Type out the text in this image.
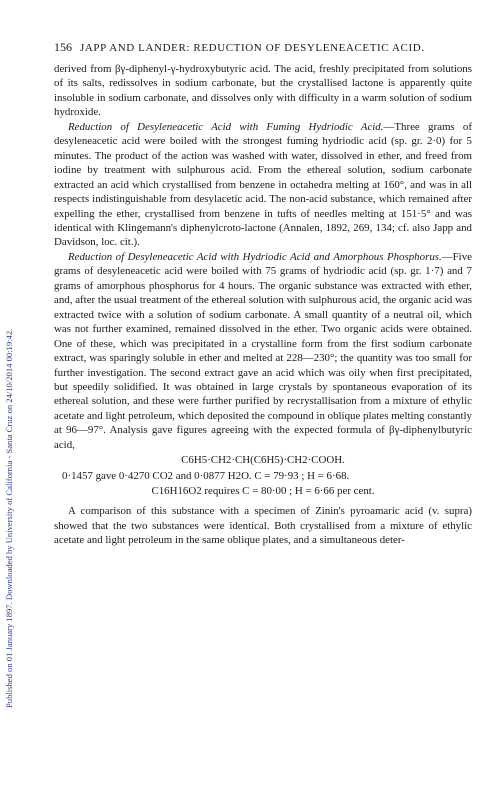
Published on 01 January 1897. Downloaded by University of California - Santa Cruz on 24/10/2014 00:19:42.
156 JAPP AND LANDER: REDUCTION OF DESYLENEACETIC ACID.

derived from βγ-diphenyl-γ-hydroxybutyric acid. The acid, freshly precipitated from solutions of its salts, redissolves in sodium carbonate, but the crystallised lactone is apparently quite insoluble in sodium carbonate, and dissolves only with difficulty in a warm solution of sodium hydroxide.

Reduction of Desyleneacetic Acid with Fuming Hydriodic Acid.—Three grams of desyleneacetic acid were boiled with the strongest fuming hydriodic acid (sp. gr. 2·0) for 5 minutes. The product of the action was washed with water, dissolved in ether, and freed from iodine by treatment with sulphurous acid. From the ethereal solution, sodium carbonate extracted an acid which crystallised from benzene in octahedra melting at 160°, and was in all respects indistinguishable from desylacetic acid. The non-acid substance, which remained after expelling the ether, crystallised from benzene in tufts of needles melting at 151·5° and was identical with Klingemann's diphenylcroto-lactone (Annalen, 1892, 269, 134; cf. also Japp and Davidson, loc. cit.).

Reduction of Desyleneacetic Acid with Hydriodic Acid and Amorphous Phosphorus.—Five grams of desyleneacetic acid were boiled with 75 grams of hydriodic acid (sp. gr. 1·7) and 7 grams of amorphous phosphorus for 4 hours. The organic substance was extracted with ether, and, after the usual treatment of the ethereal solution with sulphurous acid, the organic acid was extracted twice with a solution of sodium carbonate. A small quantity of a neutral oil, which was not further examined, remained dissolved in the ether. Two organic acids were obtained. One of these, which was precipitated in a crystalline form from the first sodium carbonate extract, was sparingly soluble in ether and melted at 228—230°; the quantity was too small for further investigation. The second extract gave an acid which was oily when first precipitated, but speedily solidified. It was obtained in large crystals by spontaneous evaporation of its ethereal solution, and these were further purified by recrystallisation from a mixture of ethylic acetate and light petroleum, which deposited the compound in oblique plates melting constantly at 96—97°. Analysis gave figures agreeing with the expected formula of βγ-diphenylbutyric acid,

C6H5·CH2·CH(C6H5)·CH2·COOH.
0·1457 gave 0·4270 CO2 and 0·0877 H2O. C = 79·93 ; H = 6·68.
C16H16O2 requires C = 80·00 ; H = 6·66 per cent.

A comparison of this substance with a specimen of Zinin's pyroamaric acid (v. supra) showed that the two substances were identical. Both crystallised from a mixture of ethylic acetate and light petroleum in the same oblique plates, and a simultaneous deter-
